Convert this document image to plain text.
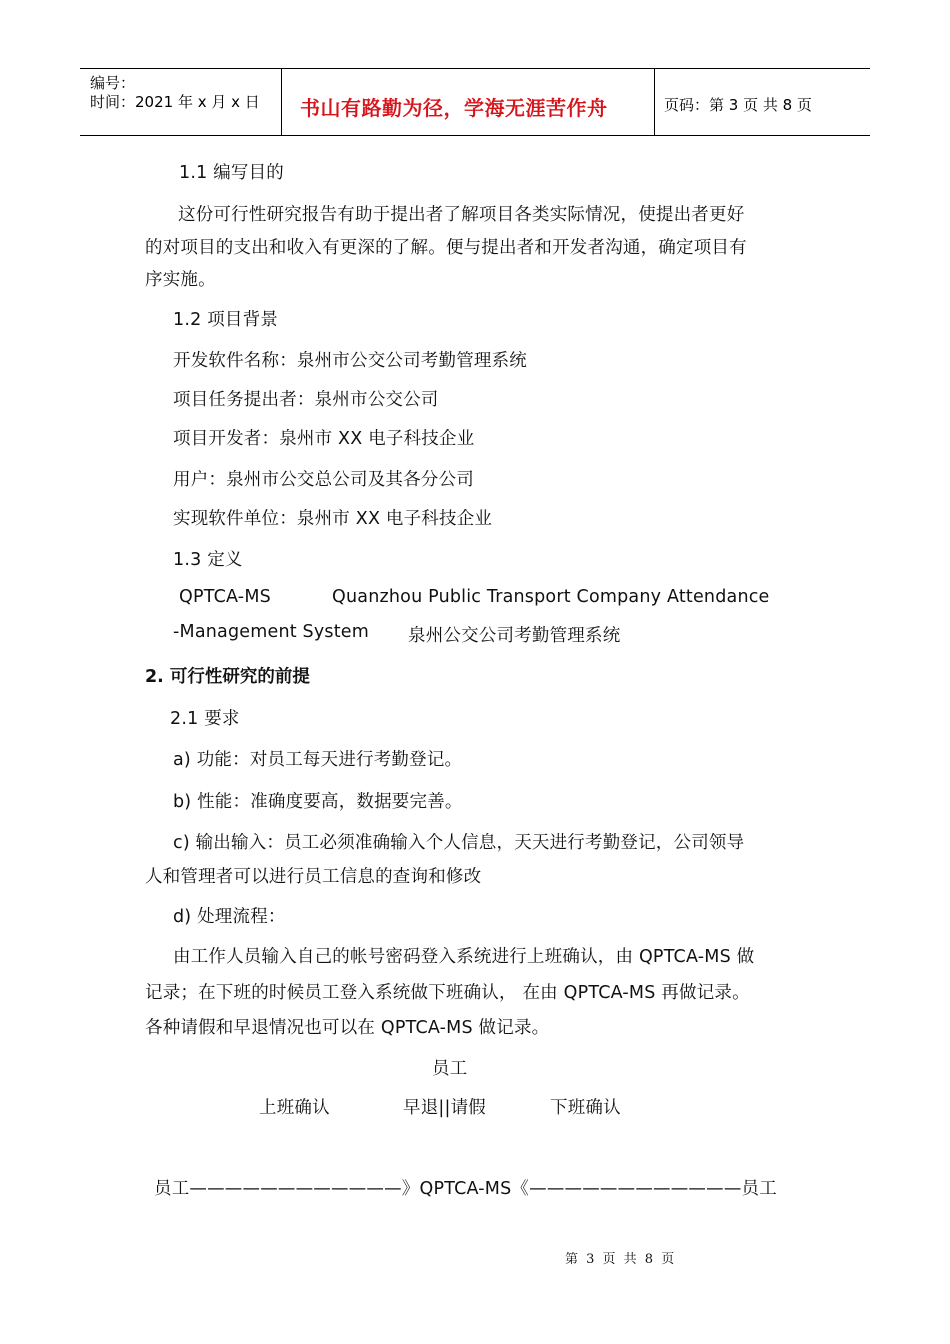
编号：
时间：2021 年 x 月 x 日 书山有路勤为径，学海无涯苦作舟	页码：第 3 页 共 8 页
1.1 编写目的
这份可行性研究报告有助于提出者了解项目各类实际情况，使提出者更好
的对项目的支出和收入有更深的了解。便与提出者和开发者沟通，确定项目有
序实施。
1.2 项目背景
开发软件名称：泉州市公交公司考勤管理系统
项目任务提出者：泉州市公交公司
项目开发者：泉州市 XX 电子科技企业
用户：泉州市公交总公司及其各分公司
实现软件单位：泉州市 XX 电子科技企业
1.3 定义
QPTCA-MS	Quanzhou Public Transport Company Attendance
-Management System 泉州公交公司考勤管理系统
2. 可行性研究的前提
2.1 要求
a) 功能：对员工每天进行考勤登记。
b) 性能：准确度要高，数据要完善。
c) 输出输入：员工必须准确输入个人信息，天天进行考勤登记，公司领导
人和管理者可以进行员工信息的查询和修改
d) 处理流程：
由工作人员输入自己的帐号密码登入系统进行上班确认，由 QPTCA-MS 做
记录；在下班的时候员工登入系统做下班确认， 在由 QPTCA-MS 再做记录。
各种请假和早退情况也可以在 QPTCA-MS 做记录。
员工
上班确认	早退||请假	下班确认
员工————————————》QPTCA-MS《————————————员工
第 3 页 共 8 页
